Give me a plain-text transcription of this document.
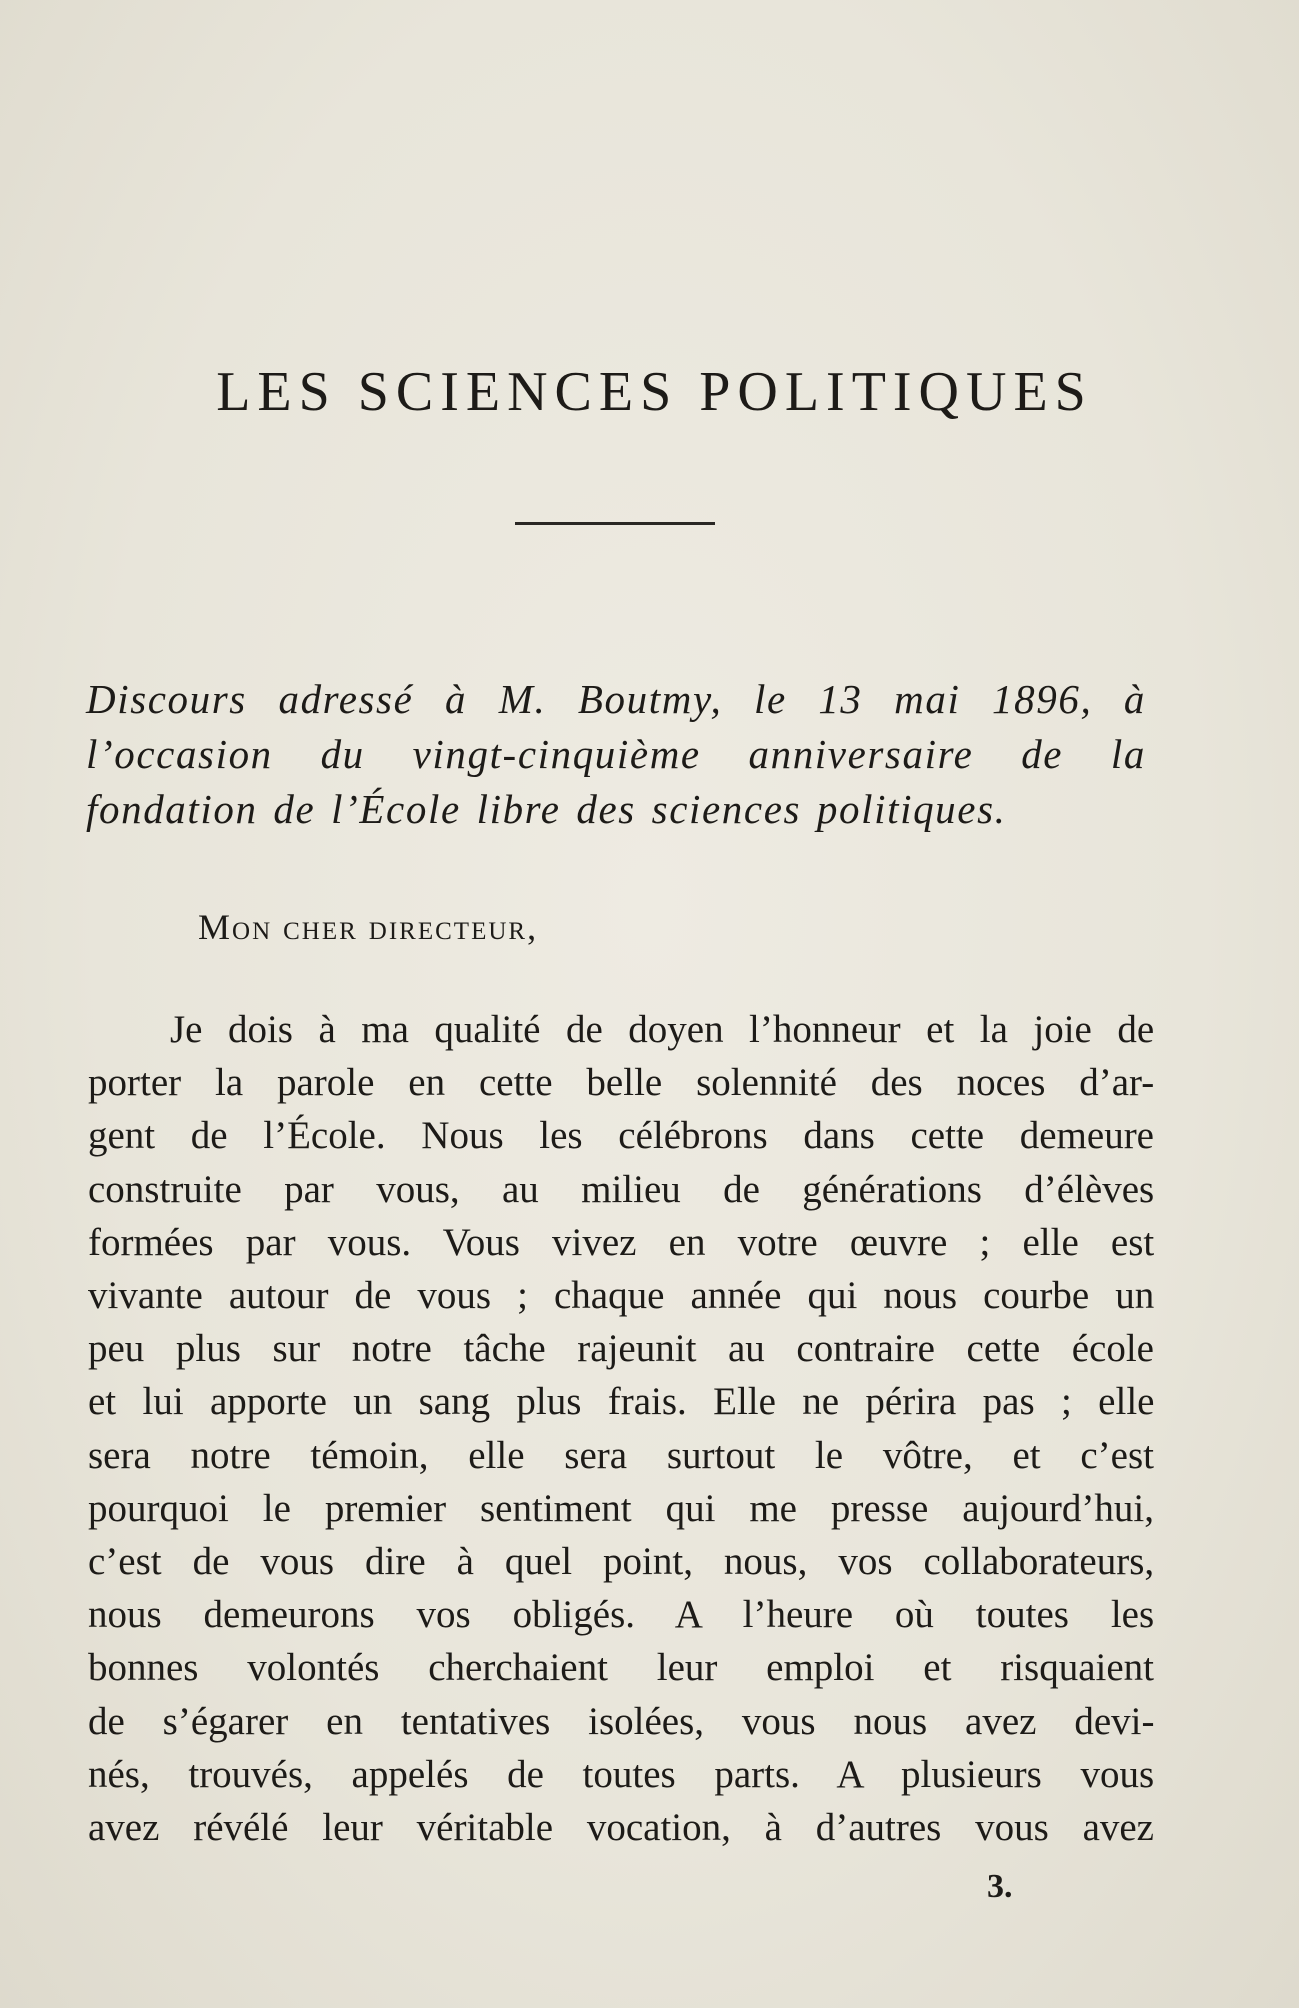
LES SCIENCES POLITIQUES
Discours adressé à M. Boutmy, le 13 mai 1896, à l’occasion du vingt-cinquième anniversaire de la fondation de l’École libre des sciences politiques.
Mon cher directeur,
Je dois à ma qualité de doyen l’honneur et la joie de
porter la parole en cette belle solennité des noces d’ar-
gent de l’École. Nous les célébrons dans cette demeure
construite par vous, au milieu de générations d’élèves
formées par vous. Vous vivez en votre œuvre ; elle est
vivante autour de vous ; chaque année qui nous courbe un
peu plus sur notre tâche rajeunit au contraire cette école
et lui apporte un sang plus frais. Elle ne périra pas ; elle
sera notre témoin, elle sera surtout le vôtre, et c’est
pourquoi le premier sentiment qui me presse aujourd’hui,
c’est de vous dire à quel point, nous, vos collaborateurs,
nous demeurons vos obligés. A l’heure où toutes les
bonnes volontés cherchaient leur emploi et risquaient
de s’égarer en tentatives isolées, vous nous avez devi-
nés, trouvés, appelés de toutes parts. A plusieurs vous
avez révélé leur véritable vocation, à d’autres vous avez
3.
